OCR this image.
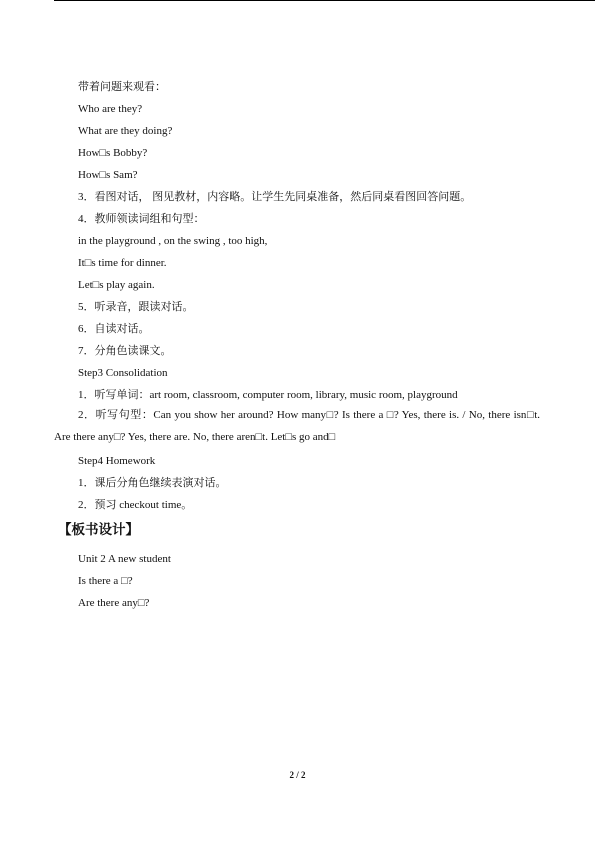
带着问题来观看：
Who are they?
What are they doing?
How□s Bobby?
How□s Sam?
3．看图对话， 图见教材，内容略。让学生先同桌准备，然后同桌看图回答问题。
4．教师领读词组和句型：
in the playground , on the swing , too high,
It□s time for dinner.
Let□s play again.
5．听录音，跟读对话。
6．自读对话。
7．分角色读课文。
Step3 Consolidation
1．听写单词：art room, classroom, computer room, library, music room, playground
2．听写句型：Can you show her around? How many□? Is there a □? Yes, there is. / No, there isn□t. Are there any□? Yes, there are. No, there aren□t. Let□s go and□
Step4 Homework
1．课后分角色继续表演对话。
2．预习 checkout time。
【板书设计】
Unit 2 A new student
Is there a □?
Are there any□?
2 / 2
